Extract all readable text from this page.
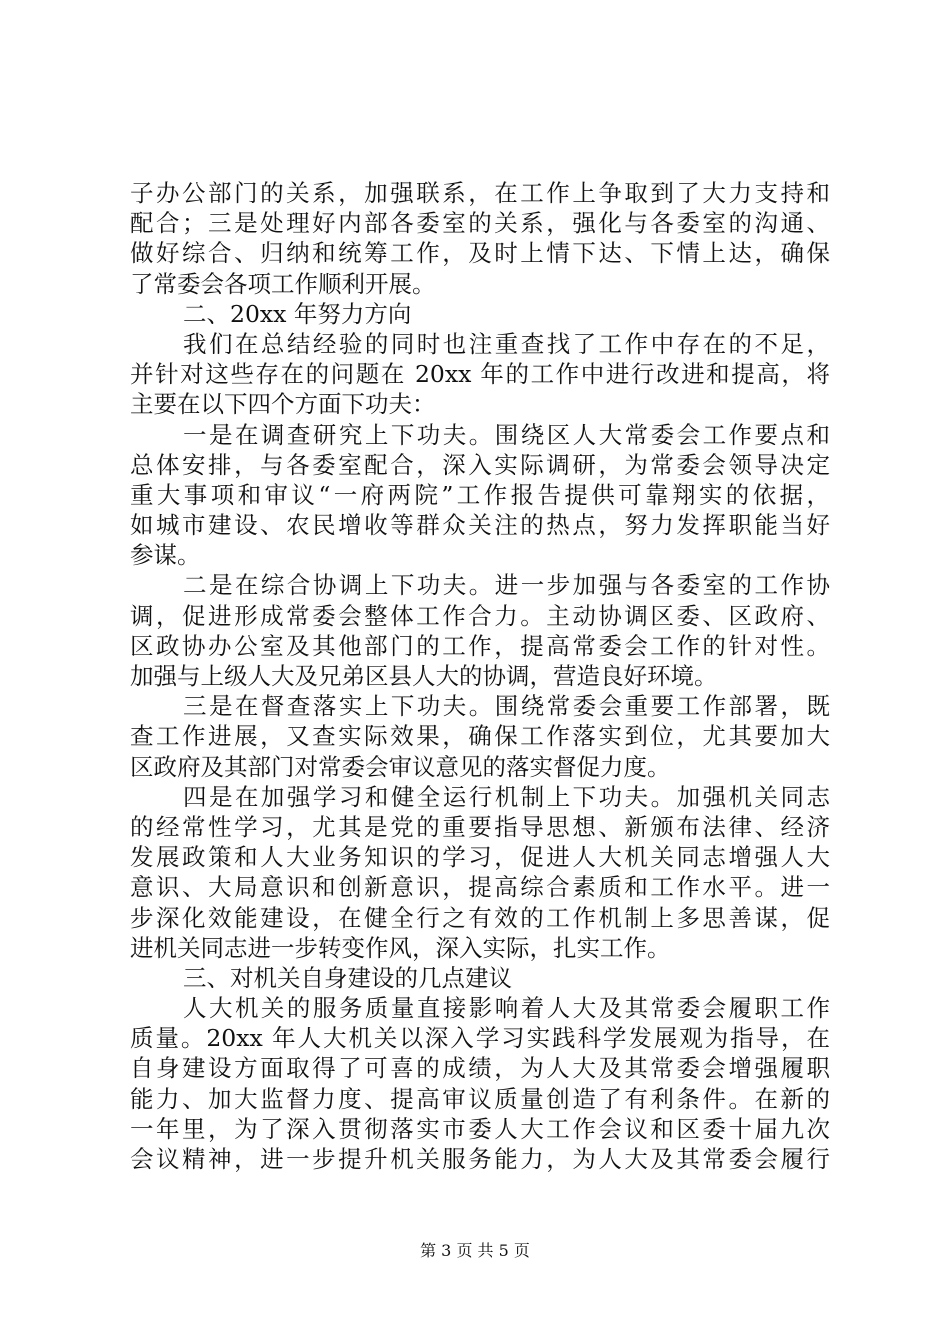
子办公部门的关系，加强联系，在工作上争取到了大力支持和
配合；三是处理好内部各委室的关系，强化与各委室的沟通、
做好综合、归纳和统筹工作，及时上情下达、下情上达，确保
了常委会各项工作顺利开展。
二、20xx 年努力方向
我们在总结经验的同时也注重查找了工作中存在的不足，
并针对这些存在的问题在 20xx 年的工作中进行改进和提高，将
主要在以下四个方面下功夫：
一是在调查研究上下功夫。围绕区人大常委会工作要点和
总体安排，与各委室配合，深入实际调研，为常委会领导决定
重大事项和审议“一府两院”工作报告提供可靠翔实的依据，
如城市建设、农民增收等群众关注的热点，努力发挥职能当好
参谋。
二是在综合协调上下功夫。进一步加强与各委室的工作协
调，促进形成常委会整体工作合力。主动协调区委、区政府、
区政协办公室及其他部门的工作，提高常委会工作的针对性。
加强与上级人大及兄弟区县人大的协调，营造良好环境。
三是在督查落实上下功夫。围绕常委会重要工作部署，既
查工作进展，又查实际效果，确保工作落实到位，尤其要加大
区政府及其部门对常委会审议意见的落实督促力度。
四是在加强学习和健全运行机制上下功夫。加强机关同志
的经常性学习，尤其是党的重要指导思想、新颁布法律、经济
发展政策和人大业务知识的学习，促进人大机关同志增强人大
意识、大局意识和创新意识，提高综合素质和工作水平。进一
步深化效能建设，在健全行之有效的工作机制上多思善谋，促
进机关同志进一步转变作风，深入实际，扎实工作。
三、对机关自身建设的几点建议
人大机关的服务质量直接影响着人大及其常委会履职工作
质量。20xx 年人大机关以深入学习实践科学发展观为指导，在
自身建设方面取得了可喜的成绩，为人大及其常委会增强履职
能力、加大监督力度、提高审议质量创造了有利条件。在新的
一年里，为了深入贯彻落实市委人大工作会议和区委十届九次
会议精神，进一步提升机关服务能力，为人大及其常委会履行
第 3 页 共 5 页
